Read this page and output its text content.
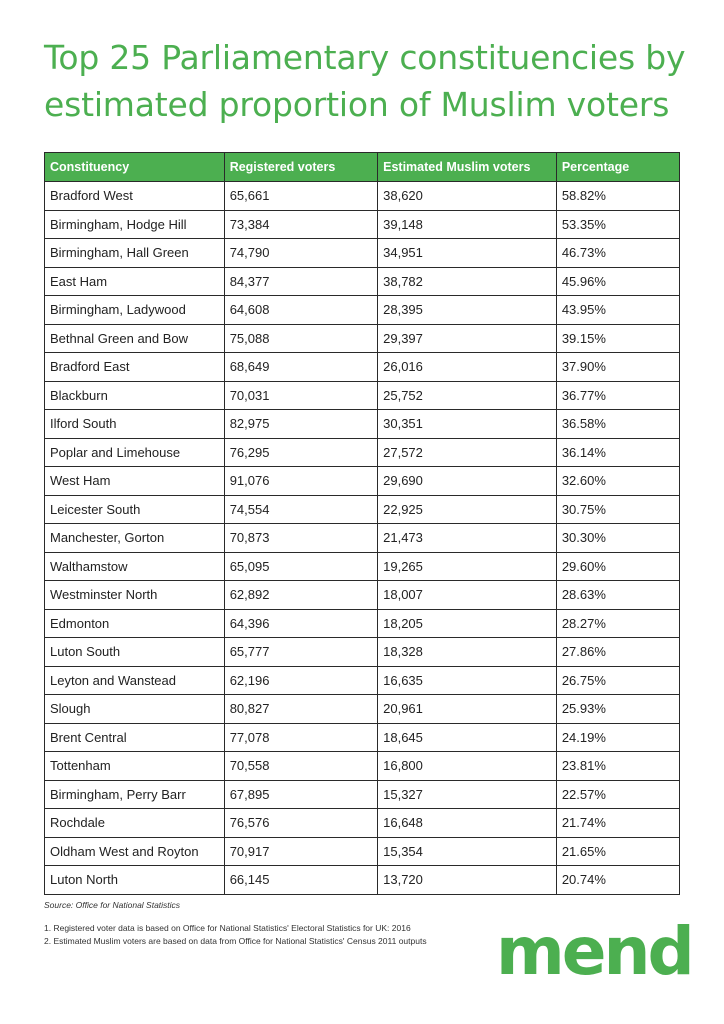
Top 25 Parliamentary constituencies by estimated proportion of Muslim voters
Constituency	Registered voters	Estimated Muslim voters	Percentage
Bradford West	65,661	38,620	58.82%
Birmingham, Hodge Hill	73,384	39,148	53.35%
Birmingham, Hall Green	74,790	34,951	46.73%
East Ham	84,377	38,782	45.96%
Birmingham, Ladywood	64,608	28,395	43.95%
Bethnal Green and Bow	75,088	29,397	39.15%
Bradford East	68,649	26,016	37.90%
Blackburn	70,031	25,752	36.77%
Ilford South	82,975	30,351	36.58%
Poplar and Limehouse	76,295	27,572	36.14%
West Ham	91,076	29,690	32.60%
Leicester South	74,554	22,925	30.75%
Manchester, Gorton	70,873	21,473	30.30%
Walthamstow	65,095	19,265	29.60%
Westminster North	62,892	18,007	28.63%
Edmonton	64,396	18,205	28.27%
Luton South	65,777	18,328	27.86%
Leyton and Wanstead	62,196	16,635	26.75%
Slough	80,827	20,961	25.93%
Brent Central	77,078	18,645	24.19%
Tottenham	70,558	16,800	23.81%
Birmingham, Perry Barr	67,895	15,327	22.57%
Rochdale	76,576	16,648	21.74%
Oldham West and Royton	70,917	15,354	21.65%
Luton North	66,145	13,720	20.74%
Source: Office for National Statistics
1. Registered voter data is based on Office for National Statistics' Electoral Statistics for UK: 2016
2. Estimated Muslim voters are based on data from Office for National Statistics' Census 2011 outputs mend
